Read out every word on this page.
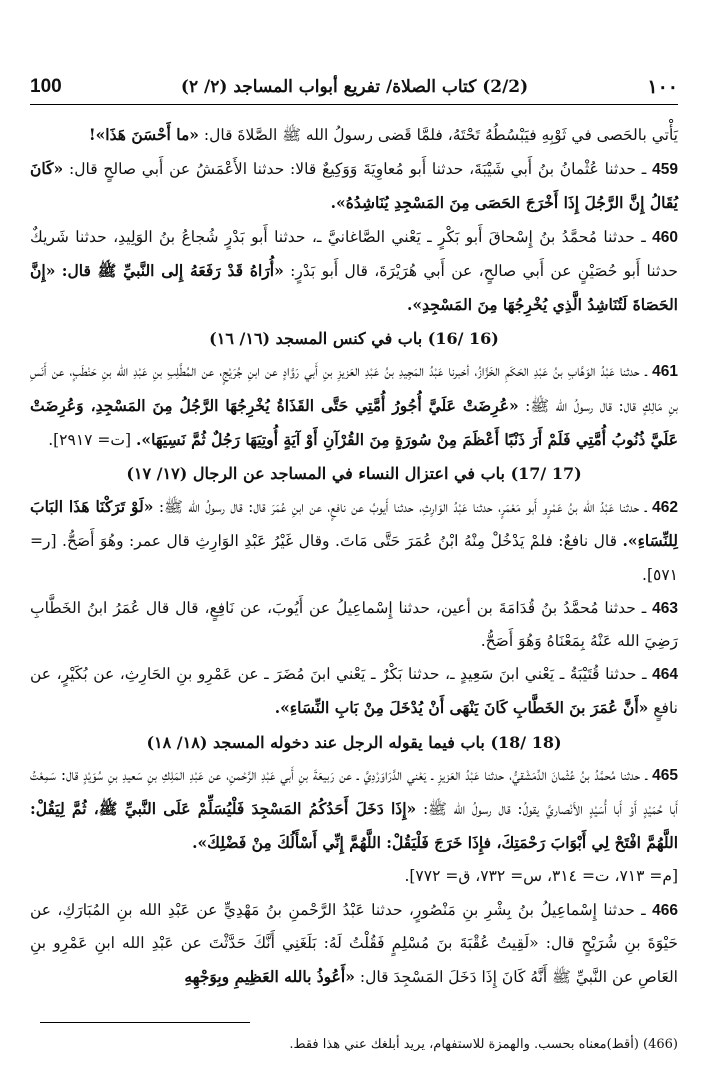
100	(2/2) كتاب الصلاة/ تفريع أبواب المساجد (٢/ ٢)	١٠٠

يَأْتي بالحَصى في ثَوْبِهِ فيَبْسُطُهُ تَحْتَهُ، فلمَّا قَضى رسولُ الله ﷺ الصَّلاةَ قال: «ما أَحْسَنَ هَذَا»!

459 ـ حدثنا عُثْمانُ بنُ أَبي شَيْبَةَ، حدثنا أَبو مُعاوِيَةَ وَوَكِيعٌ قالا: حدثنا الأَعْمَشُ عن أَبي صالحٍ قال: «كَانَ يُقَالُ إِنَّ الرَّجُلَ إِذَا أَخْرَجَ الحَصَى مِنَ المَسْجِدِ يُنَاشِدُهُ».

460 ـ حدثنا مُحمَّدُ بنُ إِسْحاقَ أَبو بَكْرٍ ـ يَعْني الصَّاغانيَّ ـ، حدثنا أَبو بَدْرٍ شُجاعُ بنُ الوَلِيدِ، حدثنا شَريكٌ حدثنا أَبو حُصَيْنٍ عن أَبي صالحٍ، عن أَبي هُرَيْرَةَ، قال أَبو بَدْرٍ: «أُرَاهُ قَدْ رَفَعَهُ إِلى النَّبيِّ ﷺ قال: «إِنَّ الحَصَاةَ لَتُنَاشِدُ الَّذِي يُخْرِجُهَا مِنَ المَسْجِدِ».

(16 /16) باب في كنس المسجد (١٦/ ١٦)

461 ـ حدثنا عَبْدُ الوَهَّابِ بنُ عَبْدِ الحَكَمِ الخَزَّازُ، أخبرنا عَبْدُ المَجِيدِ بنُ عَبْدِ العَزيزِ بنِ أَبي رَوَّادٍ عن ابنِ جُرَيْجٍ، عن المُطَّلِبِ بنِ عَبْدِ الله بنِ حَنْطَبٍ، عن أَنَسِ بنِ مَالِكٍ قال: قال رسولُ الله ﷺ: «عُرِضَتْ عَلَيَّ أُجُورُ أُمَّتِي حَتَّى القَذَاةُ يُخْرِجُهَا الرَّجُلُ مِنَ المَسْجِدِ، وَعُرِضَتْ عَلَيَّ ذُنُوبُ أُمَّتِي فَلَمْ أَرَ ذَنْبًا أَعْظَمَ مِنْ سُورَةٍ مِنَ القُرْآنِ أَوْ آيَةٍ أُوتِيَهَا رَجُلٌ ثُمَّ نَسِيَهَا». [ت= ٢٩١٧].

(17 /17) باب في اعتزال النساء في المساجد عن الرجال (١٧/ ١٧)

462 ـ حدثنا عَبْدُ الله بنُ عَمْرٍو أَبو مَعْمَرٍ، حدثنا عَبْدُ الوَارِثِ، حدثنا أَيوبُ عن نافعٍ، عن ابنِ عُمَرَ قال: قال رسولُ الله ﷺ: «لَوْ تَرَكْنَا هَذَا البَابَ لِلنِّسَاءِ». قال نافعٌ: فلمْ يَدْخُلْ مِنْهُ ابْنُ عُمَرَ حَتَّى مَاتَ. وقال غَيْرُ عَبْدِ الوَارِثِ قال عمر: وهُوَ أَصَحُّ. [ر= ٥٧١].

463 ـ حدثنا مُحمَّدُ بنُ قُدَامَةَ بن أعين، حدثنا إِسْماعِيلُ عن أَيُوبَ، عن نَافِعٍ، قال قال عُمَرُ ابنُ الخَطَّابِ رَضِيَ الله عَنْهُ بِمَعْنَاهُ وَهُوَ أَصَحُّ.

464 ـ حدثنا قُتَيْبَةُ ـ يَعْني ابنَ سَعِيدٍ ـ، حدثنا بَكْرٌ ـ يَعْني ابنَ مُضَرَ ـ عن عَمْرِو بنِ الحَارِثِ، عن بُكَيْرٍ، عن نافعٍ «أَنَّ عُمَرَ بنَ الخَطَّابِ كَانَ يَنْهَى أَنْ يُدْخَلَ مِنْ بَابِ النِّسَاءِ».

(18 /18) باب فيما يقوله الرجل عند دخوله المسجد (١٨/ ١٨)

465 ـ حدثنا مُحمَّدُ بنُ عُثْمانَ الدِّمَشْقيُّ، حدثنا عَبْدُ العَزيزِ ـ يَعْني الدَّرَاوَرْدِيَّ ـ عن رَبيعَةَ بنِ أَبي عَبْدِ الرَّحْمنِ، عن عَبْدِ المَلِكِ بنِ سَعيدِ بنِ سُوَيْدٍ قال: سَمِعْتُ أَبا حُمَيْدٍ أَوْ أَبا أُسَيْدٍ الأَنْصاريَّ يقولُ: قال رسولُ الله ﷺ: «إِذَا دَخَلَ أَحَدُكُمُ المَسْجِدَ فَلْيُسَلِّمْ عَلَى النَّبيِّ ﷺ، ثُمَّ لِيَقُلْ: اللَّهُمَّ افْتَحْ لِي أَبْوَابَ رَحْمَتِكَ، فإِذَا خَرَجَ فَلْيَقُلْ: اللَّهُمَّ إِنِّي أَسْأَلُكَ مِنْ فَضْلِكَ».

[م= ٧١٣، ت= ٣١٤، س= ٧٣٢، ق= ٧٧٢].

466 ـ حدثنا إِسْماعِيلُ بنُ بِشْرِ بنِ مَنْصُورٍ، حدثنا عَبْدُ الرَّحْمنِ بنُ مَهْدِيٍّ عن عَبْدِ الله بنِ المُبَارَكِ، عن حَيْوَةَ بنِ شُرَيْحٍ قال: «لَقِيتُ عُقْبَةَ بنَ مُسْلِمٍ فَقُلْتُ لَهُ: بَلَغَنِي أَنَّكَ حَدَّثْتَ عن عَبْدِ الله ابنِ عَمْرِو بنِ العَاصِ عن النَّبيِّ ﷺ أَنَّهُ كَانَ إِذَا دَخَلَ المَسْجِدَ قال: «أَعُوذُ بالله العَظِيمِ وبِوَجْهِهِ

(466) (أقط)معناه بحسب. والهمزة للاستفهام، يريد أبلغك عني هذا فقط.
